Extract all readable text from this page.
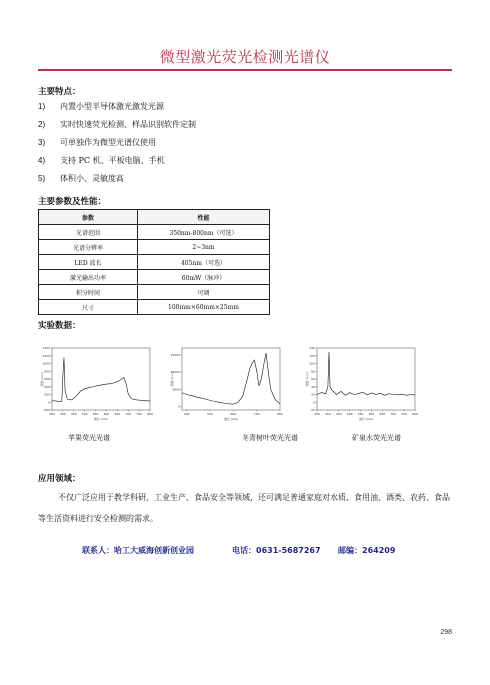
微型激光荧光检测光谱仪
主要特点：
1) 内置小型半导体激光激发光源
2) 实时快速荧光检测、样品识别软件定制
3) 可单独作为微型光谱仪使用
4) 支持 PC 机、平板电脑、手机
5) 体积小、灵敏度高
主要参数及性能：
参数	性能
光谱范围	350nm-800nm（可选）
光谱分辨率	2~3nm
LED 波长	405nm（可选）
激光输出功率	60mW（脉冲）
积分时间	可调
尺寸	100mm×60mm×25mm
实验数据：
350 400 450 500 550 600 650 700 750 800
-200
0
200
400
600
800
1000
1200
1400
波长 (nm)
强度 (a.u.)
400	500	600	700	800
0
5000
10000
15000
波长 (nm)
强度 (a.u.)
350 400 450 500 550 600 650 700 750 800
-20
0
20
40
60
80
100
120
140
波长 (nm)
强度 (a.u.)
苹果荧光光谱	冬青树叶荧光光谱	矿泉水荧光光谱
应用领域：
不仅广泛应用于教学科研、工业生产、食品安全等领域，还可满足普通家庭对水质、食用油、酒类、农药、食品等生活资料进行安全检测的需求。
联系人：哈工大威海创新创业园	电话：0631-5687267 邮编：264209
298
